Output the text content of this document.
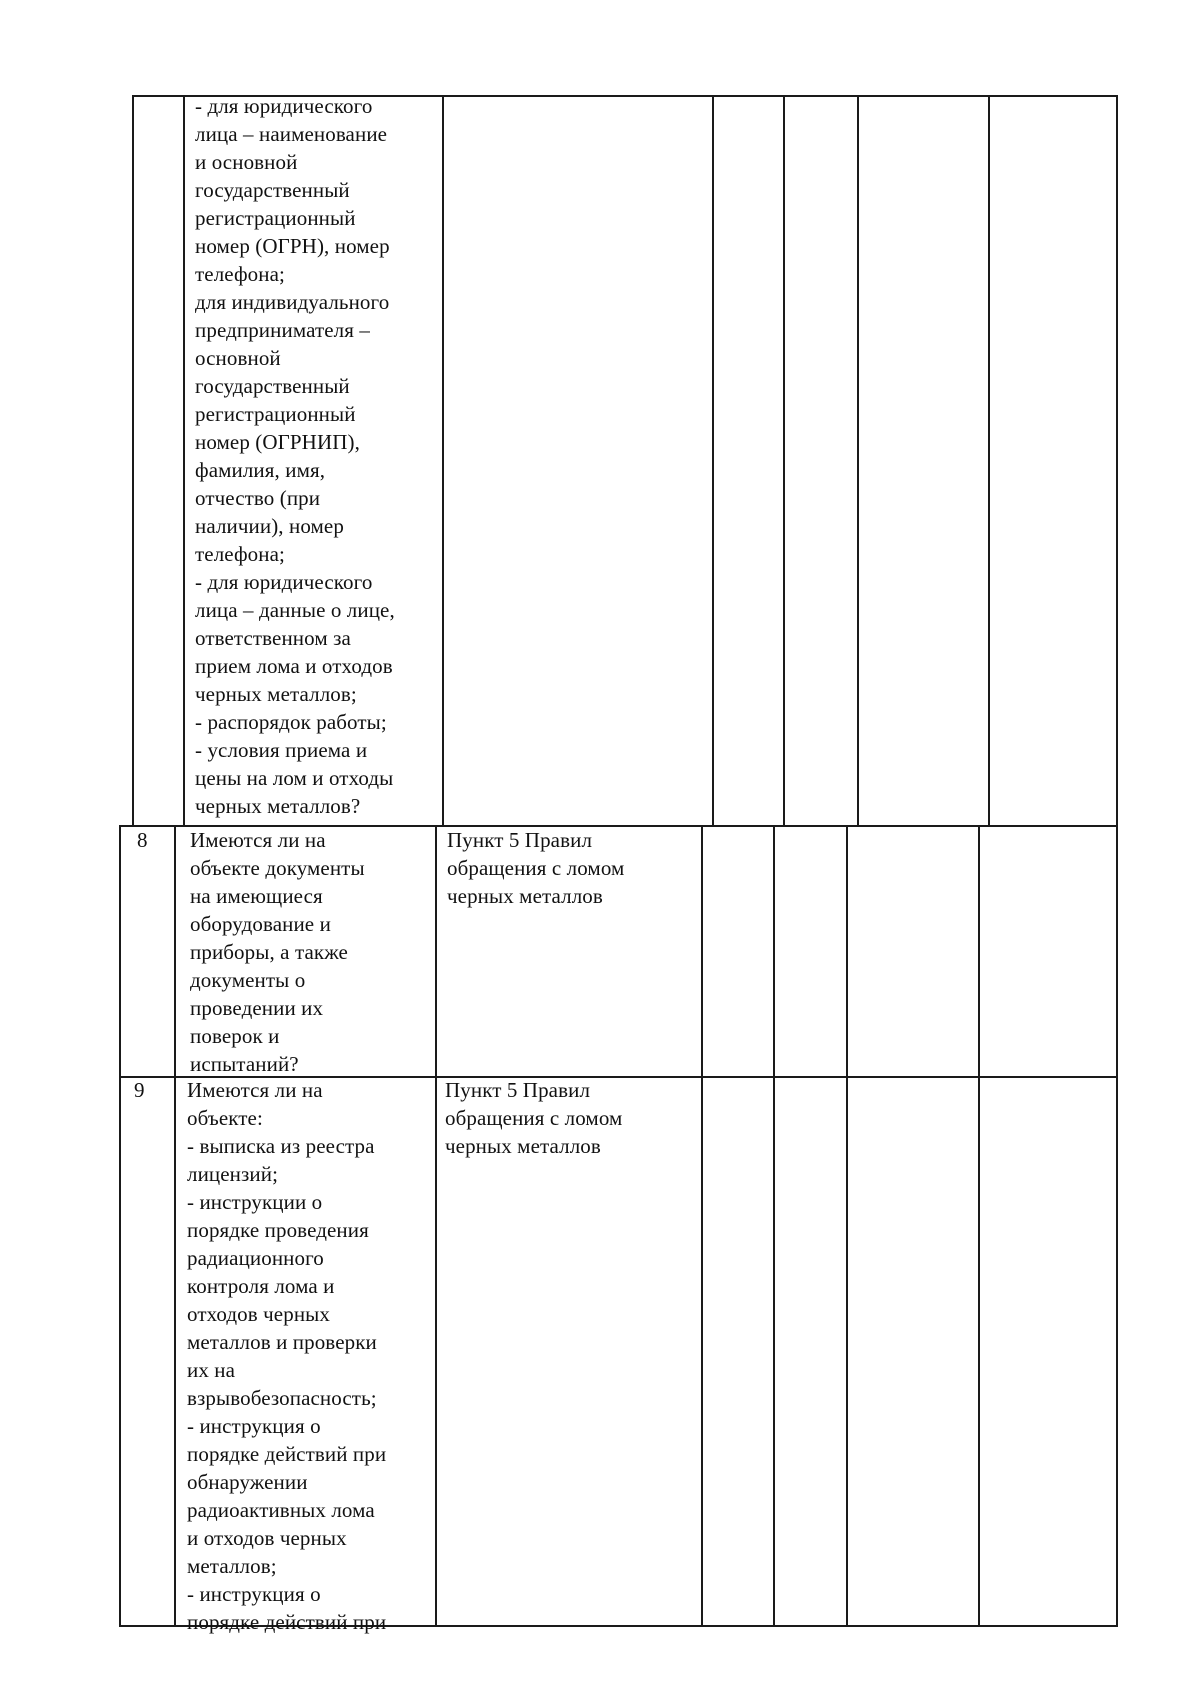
- для юридического
лица – наименование
и основной
государственный
регистрационный
номер (ОГРН), номер
телефона;
для индивидуального
предпринимателя –
основной
государственный
регистрационный
номер (ОГРНИП),
фамилия, имя,
отчество (при
наличии), номер
телефона;
- для юридического
лица – данные о лице,
ответственном за
прием лома и отходов
черных металлов;
- распорядок работы;
- условия приема и
цены на лом и отходы
черных металлов?
8 Имеются ли на
объекте документы
на имеющиеся
оборудование и
приборы, а также
документы о
проведении их
поверок и
испытаний?
Пункт 5 Правил
обращения с ломом
черных металлов
9 Имеются ли на
объекте:
- выписка из реестра
лицензий;
- инструкции о
порядке проведения
радиационного
контроля лома и
отходов черных
металлов и проверки
их на
взрывобезопасность;
- инструкция о
порядке действий при
обнаружении
радиоактивных лома
и отходов черных
металлов;
- инструкция о
порядке действий при
Пункт 5 Правил
обращения с ломом
черных металлов
